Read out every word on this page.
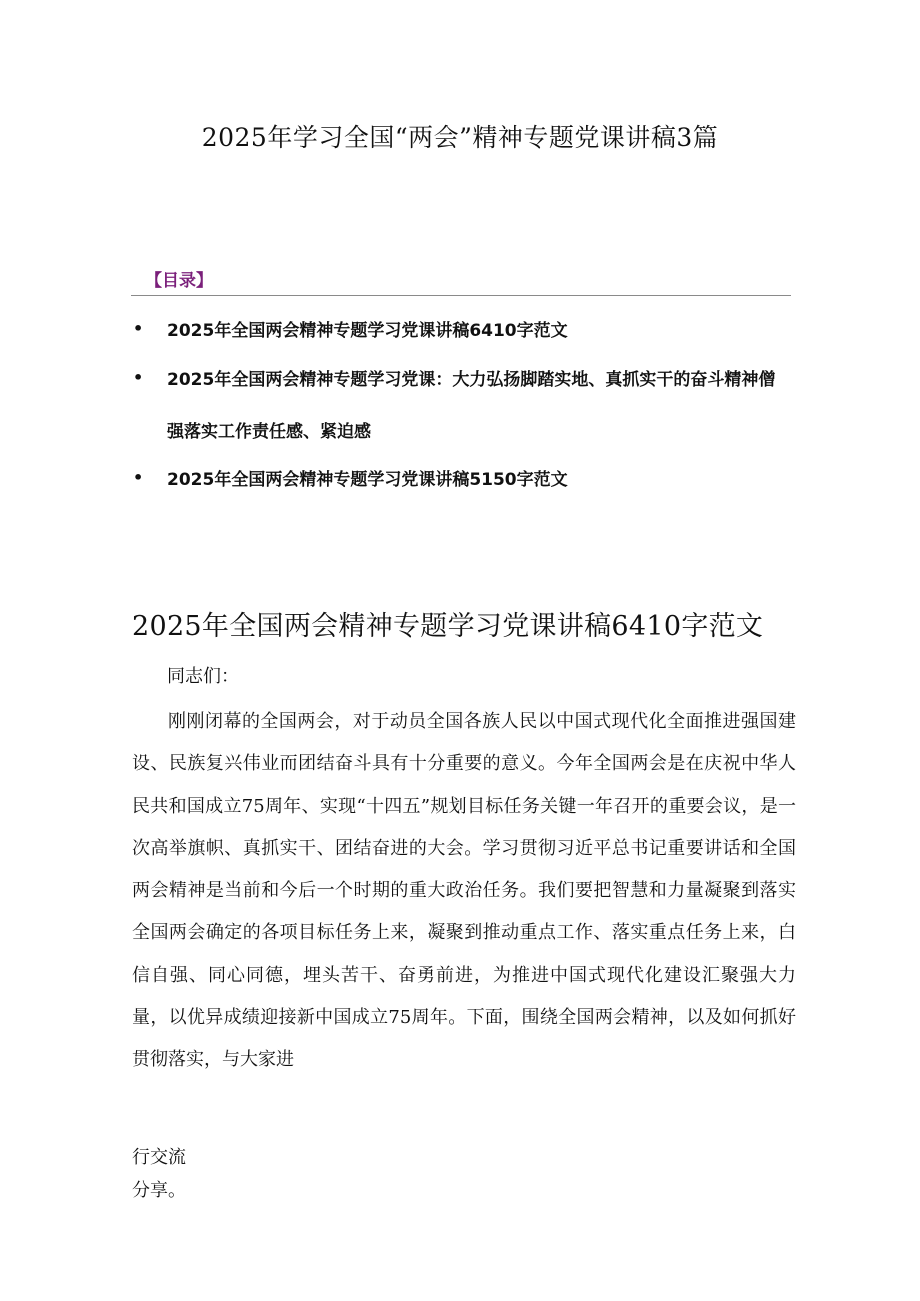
2025年学习全国“两会”精神专题党课讲稿3篇
【目录】
• 2025年全国两会精神专题学习党课讲稿6410字范文
• 2025年全国两会精神专题学习党课：大力弘扬脚踏实地、真抓实干的奋斗精神僧强落实工作责任感、紧迫感
• 2025年全国两会精神专题学习党课讲稿5150字范文
2025年全国两会精神专题学习党课讲稿6410字范文
同志们：

刚刚闭幕的全国两会，对于动员全国各族人民以中国式现代化全面推进强国建设、民族复兴伟业而团结奋斗具有十分重要的意义。今年全国两会是在庆祝中华人民共和国成立75周年、实现“十四五”规划目标任务关键一年召开的重要会议，是一次高举旗帜、真抓实干、团结奋进的大会。学习贯彻习近平总书记重要讲话和全国两会精神是当前和今后一个时期的重大政治任务。我们要把智慧和力量凝聚到落实全国两会确定的各项目标任务上来，凝聚到推动重点工作、落实重点任务上来，白信自强、同心同德，埋头苦干、奋勇前进，为推进中国式现代化建设汇聚强大力量，以优异成绩迎接新中国成立75周年。下面，围绕全国两会精神，以及如何抓好贯彻落实，与大家进

行交流
分享。
